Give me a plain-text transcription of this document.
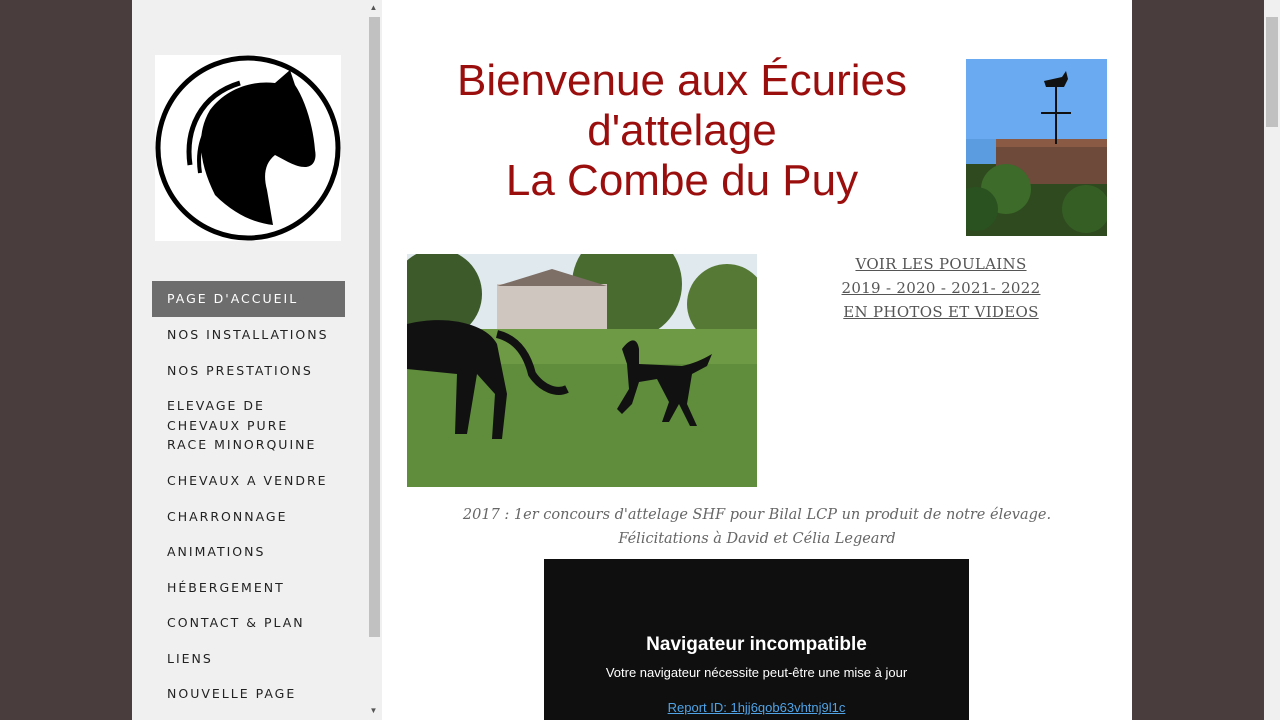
PAGE D'ACCUEIL
NOS INSTALLATIONS
NOS PRESTATIONS
ELEVAGE DE CHEVAUX PURE RACE MINORQUINE
CHEVAUX A VENDRE
CHARRONNAGE
ANIMATIONS
HÉBERGEMENT
CONTACT & PLAN
LIENS
NOUVELLE PAGE
▲
▼
Bienvenue aux Écuries
d'attelage
La Combe du Puy
VOIR LES POULAINS
2019 - 2020 - 2021- 2022
EN PHOTOS ET VIDEOS
2017 : 1er concours d'attelage SHF pour Bilal LCP un produit de notre élevage.
Félicitations à David et Célia Legeard
Navigateur incompatible
Votre navigateur nécessite peut-être une mise à jour
Report ID: 1hjj6qob63vhtnj9l1c
